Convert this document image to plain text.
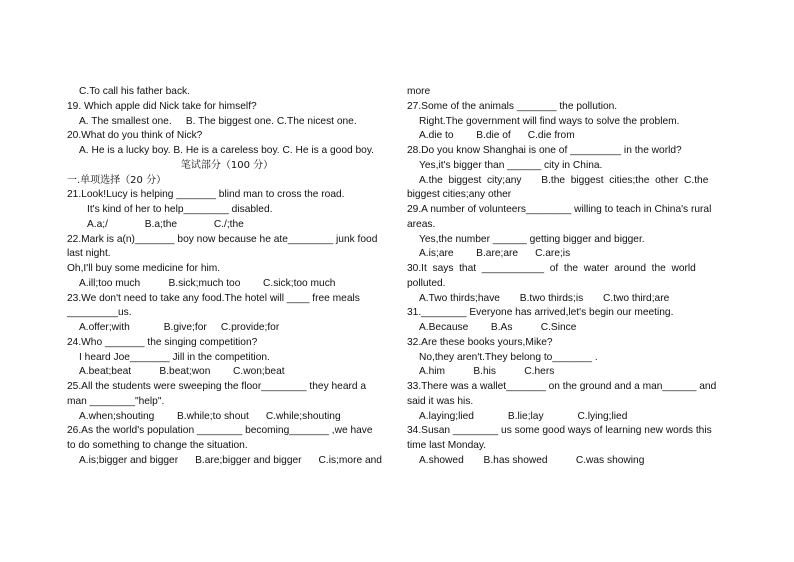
C.To call his father back.
19. Which apple did Nick take for himself?
A. The smallest one.     B. The biggest one. C.The nicest one.
20.What do you think of Nick?
A. He is a lucky boy. B. He is a careless boy. C. He is a good boy.
笔试部分（100 分）
一.单项选择（20 分）
21.Look!Lucy is helping _______ blind man to cross the road.
It's kind of her to help________ disabled.
A.a;/             B.a;the             C./;the
22.Mark is a(n)_______ boy now because he ate________ junk food
last night.
Oh,I'll buy some medicine for him.
A.ill;too much          B.sick;much too        C.sick;too much
23.We don't need to take any food.The hotel will ____ free meals
_________us.
A.offer;with            B.give;for     C.provide;for
24.Who _______ the singing competition?
I heard Joe_______ Jill in the competition.
A.beat;beat          B.beat;won        C.won;beat
25.All the students were sweeping the floor________ they heard a
man ________"help".
A.when;shouting        B.while;to shout      C.while;shouting
26.As the world's population ________ becoming_______ ,we have
to do something to change the situation.
A.is;bigger and bigger      B.are;bigger and bigger      C.is;more and
more
27.Some of the animals _______ the pollution.
Right.The government will find ways to solve the problem.
A.die to        B.die of      C.die from
28.Do you know Shanghai is one of _________ in the world?
Yes,it's bigger than ______ city in China.
A.the  biggest  city;any       B.the  biggest  cities;the  other  C.the
biggest cities;any other
29.A number of volunteers________ willing to teach in China's rural
areas.
Yes,the number ______ getting bigger and bigger.
A.is;are        B.are;are      C.are;is
30.It  says  that  ___________  of  the  water  around  the  world
polluted.
A.Two thirds;have       B.two thirds;is       C.two third;are
31.________ Everyone has arrived,let's begin our meeting.
A.Because        B.As          C.Since
32.Are these books yours,Mike?
No,they aren't.They belong to_______ .
A.him          B.his          C.hers
33.There was a wallet_______ on the ground and a man______ and
said it was his.
A.laying;lied            B.lie;lay            C.lying;lied
34.Susan ________ us some good ways of learning new words this
time last Monday.
A.showed       B.has showed          C.was showing
